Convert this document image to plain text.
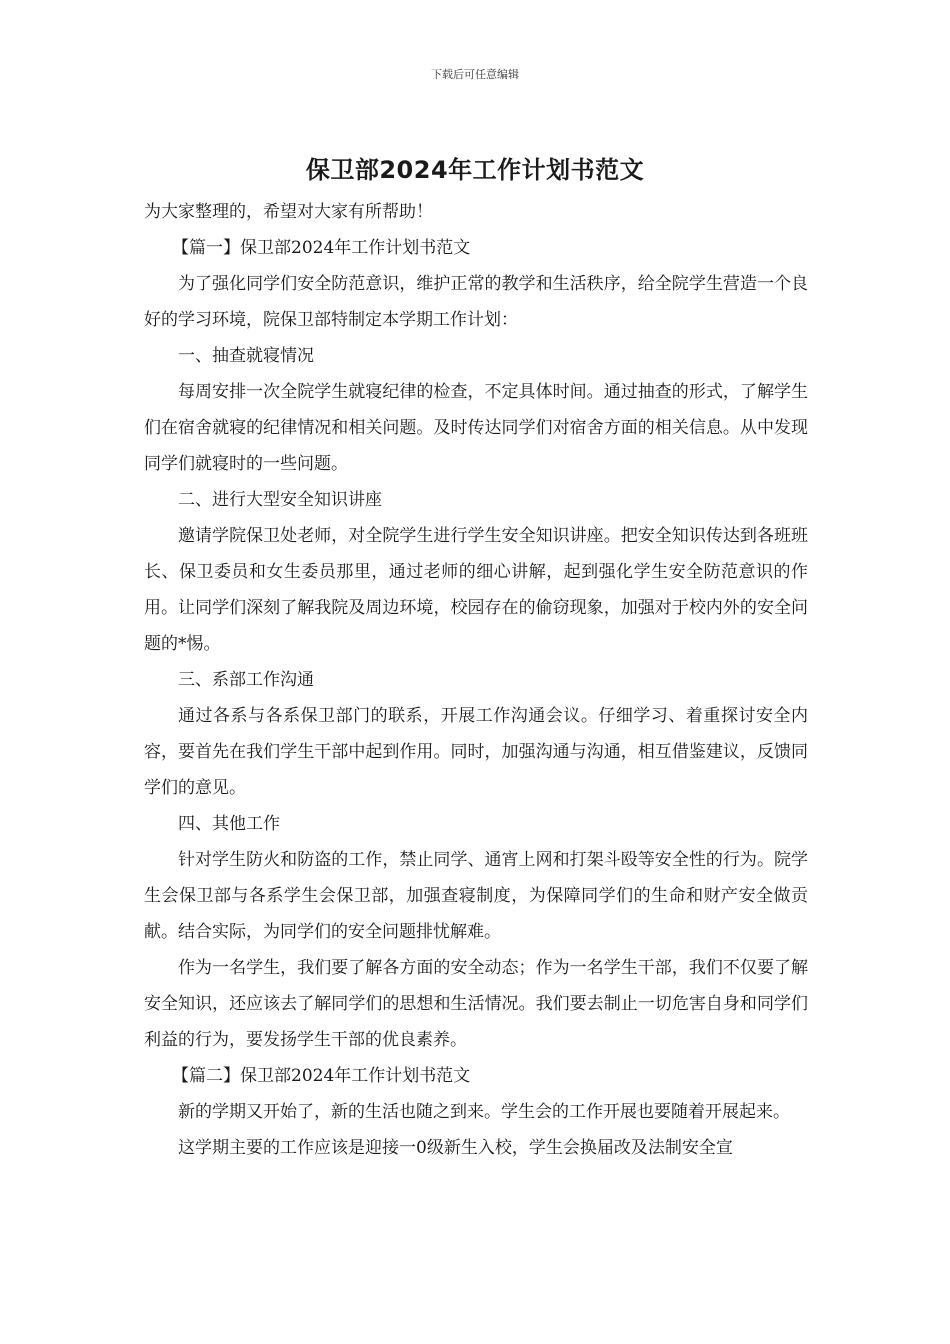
下载后可任意编辑
保卫部2024年工作计划书范文

为大家整理的，希望对大家有所帮助！

【篇一】保卫部2024年工作计划书范文

为了强化同学们安全防范意识，维护正常的教学和生活秩序，给全院学生营造一个良好的学习环境，院保卫部特制定本学期工作计划：

一、抽查就寝情况

每周安排一次全院学生就寝纪律的检查，不定具体时间。通过抽查的形式，了解学生们在宿舍就寝的纪律情况和相关问题。及时传达同学们对宿舍方面的相关信息。从中发现同学们就寝时的一些问题。

二、进行大型安全知识讲座

邀请学院保卫处老师，对全院学生进行学生安全知识讲座。把安全知识传达到各班班长、保卫委员和女生委员那里，通过老师的细心讲解，起到强化学生安全防范意识的作用。让同学们深刻了解我院及周边环境，校园存在的偷窃现象，加强对于校内外的安全问题的*惕。

三、系部工作沟通

通过各系与各系保卫部门的联系，开展工作沟通会议。仔细学习、着重探讨安全内容，要首先在我们学生干部中起到作用。同时，加强沟通与沟通，相互借鉴建议，反馈同学们的意见。

四、其他工作

针对学生防火和防盗的工作，禁止同学、通宵上网和打架斗殴等安全性的行为。院学生会保卫部与各系学生会保卫部，加强查寝制度，为保障同学们的生命和财产安全做贡献。结合实际，为同学们的安全问题排忧解难。

作为一名学生，我们要了解各方面的安全动态；作为一名学生干部，我们不仅要了解安全知识，还应该去了解同学们的思想和生活情况。我们要去制止一切危害自身和同学们利益的行为，要发扬学生干部的优良素养。

【篇二】保卫部2024年工作计划书范文

新的学期又开始了，新的生活也随之到来。学生会的工作开展也要随着开展起来。

这学期主要的工作应该是迎接一0级新生入校，学生会换届改及法制安全宣
